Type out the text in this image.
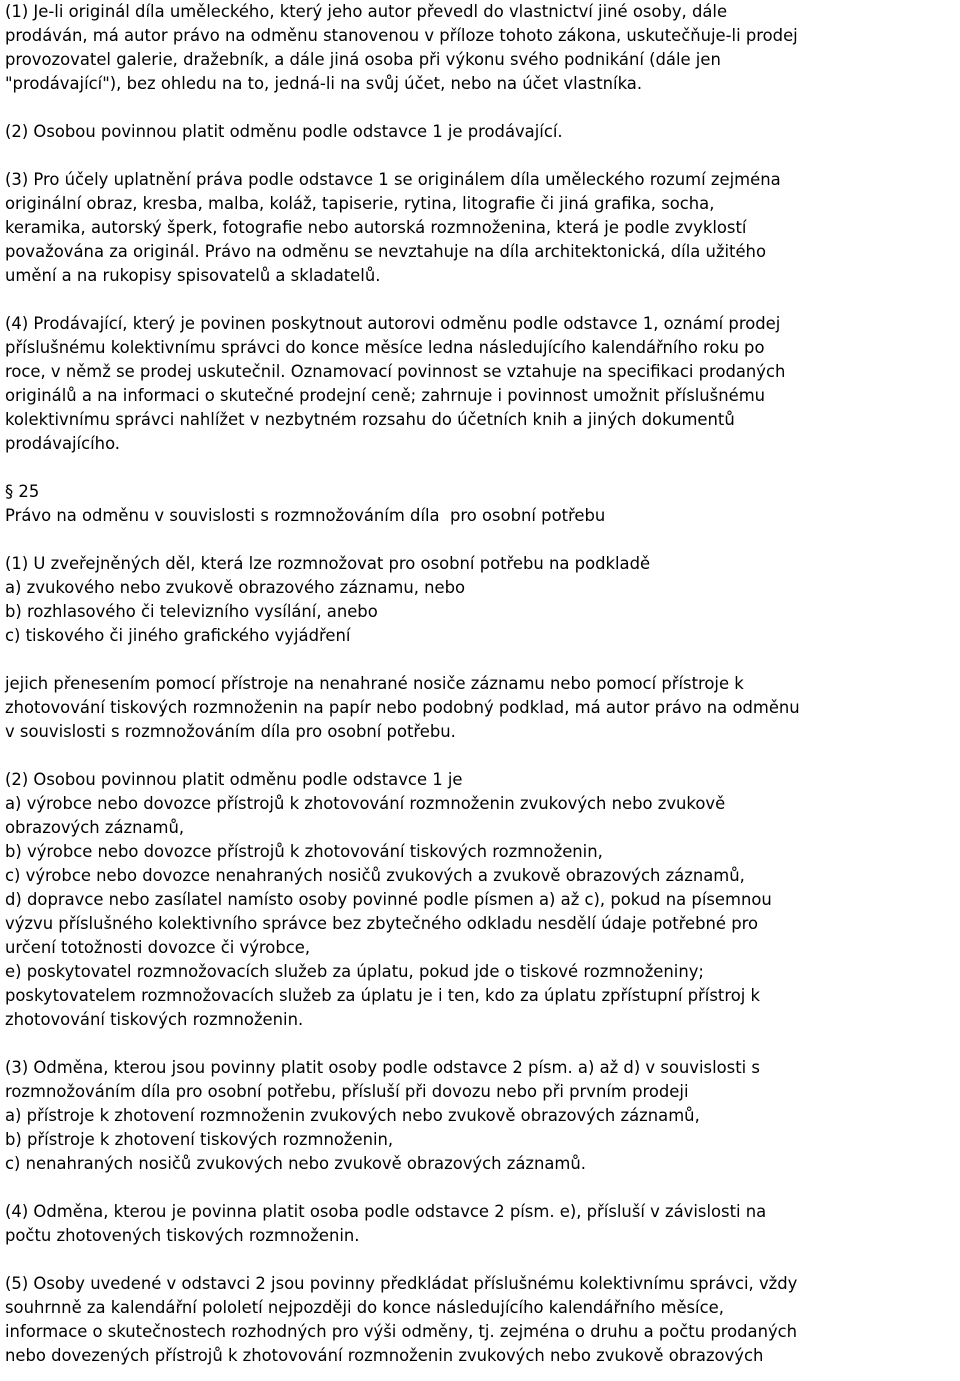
(1) Je-li originál díla uměleckého, který jeho autor převedl do vlastnictví jiné osoby, dále
prodáván, má autor právo na odměnu stanovenou v příloze tohoto zákona, uskutečňuje-li prodej
provozovatel galerie, dražebník, a dále jiná osoba při výkonu svého podnikání (dále jen
"prodávající"), bez ohledu na to, jedná-li na svůj účet, nebo na účet vlastníka.
(2) Osobou povinnou platit odměnu podle odstavce 1 je prodávající.
(3) Pro účely uplatnění práva podle odstavce 1 se originálem díla uměleckého rozumí zejména
originální obraz, kresba, malba, koláž, tapiserie, rytina, litografie či jiná grafika, socha,
keramika, autorský šperk, fotografie nebo autorská rozmnoženina, která je podle zvyklostí
považována za originál. Právo na odměnu se nevztahuje na díla architektonická, díla užitého
umění a na rukopisy spisovatelů a skladatelů.
(4) Prodávající, který je povinen poskytnout autorovi odměnu podle odstavce 1, oznámí prodej
příslušnému kolektivnímu správci do konce měsíce ledna následujícího kalendářního roku po
roce, v němž se prodej uskutečnil. Oznamovací povinnost se vztahuje na specifikaci prodaných
originálů a na informaci o skutečné prodejní ceně; zahrnuje i povinnost umožnit příslušnému
kolektivnímu správci nahlížet v nezbytném rozsahu do účetních knih a jiných dokumentů
prodávajícího.
§ 25
Právo na odměnu v souvislosti s rozmnožováním díla  pro osobní potřebu
(1) U zveřejněných děl, která lze rozmnožovat pro osobní potřebu na podkladě
a) zvukového nebo zvukově obrazového záznamu, nebo
b) rozhlasového či televizního vysílání, anebo
c) tiskového či jiného grafického vyjádření
jejich přenesením pomocí přístroje na nenahrané nosiče záznamu nebo pomocí přístroje k
zhotovování tiskových rozmnoženin na papír nebo podobný podklad, má autor právo na odměnu
v souvislosti s rozmnožováním díla pro osobní potřebu.
(2) Osobou povinnou platit odměnu podle odstavce 1 je
a) výrobce nebo dovozce přístrojů k zhotovování rozmnoženin zvukových nebo zvukově
obrazových záznamů,
b) výrobce nebo dovozce přístrojů k zhotovování tiskových rozmnoženin,
c) výrobce nebo dovozce nenahraných nosičů zvukových a zvukově obrazových záznamů,
d) dopravce nebo zasílatel namísto osoby povinné podle písmen a) až c), pokud na písemnou
výzvu příslušného kolektivního správce bez zbytečného odkladu nesdělí údaje potřebné pro
určení totožnosti dovozce či výrobce,
e) poskytovatel rozmnožovacích služeb za úplatu, pokud jde o tiskové rozmnoženiny;
poskytovatelem rozmnožovacích služeb za úplatu je i ten, kdo za úplatu zpřístupní přístroj k
zhotovování tiskových rozmnoženin.
(3) Odměna, kterou jsou povinny platit osoby podle odstavce 2 písm. a) až d) v souvislosti s
rozmnožováním díla pro osobní potřebu, přísluší při dovozu nebo při prvním prodeji
a) přístroje k zhotovení rozmnoženin zvukových nebo zvukově obrazových záznamů,
b) přístroje k zhotovení tiskových rozmnoženin,
c) nenahraných nosičů zvukových nebo zvukově obrazových záznamů.
(4) Odměna, kterou je povinna platit osoba podle odstavce 2 písm. e), přísluší v závislosti na
počtu zhotovených tiskových rozmnoženin.
(5) Osoby uvedené v odstavci 2 jsou povinny předkládat příslušnému kolektivnímu správci, vždy
souhrnně za kalendářní pololetí nejpozději do konce následujícího kalendářního měsíce,
informace o skutečnostech rozhodných pro výši odměny, tj. zejména o druhu a počtu prodaných
nebo dovezených přístrojů k zhotovování rozmnoženin zvukových nebo zvukově obrazových
